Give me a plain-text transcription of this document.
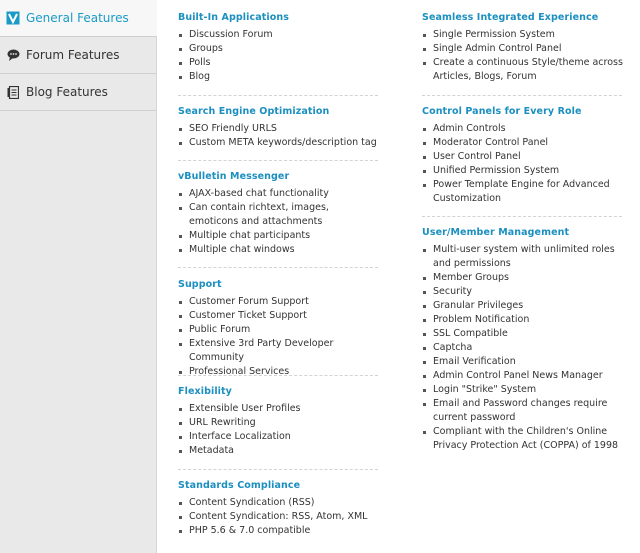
General Features
Forum Features
Blog Features
Built-In Applications
Discussion Forum
Groups
Polls
Blog
Search Engine Optimization
SEO Friendly URLS
Custom META keywords/description tag
vBulletin Messenger
AJAX-based chat functionality
Can contain richtext, images, emoticons and attachments
Multiple chat participants
Multiple chat windows
Support
Customer Forum Support
Customer Ticket Support
Public Forum
Extensive 3rd Party Developer Community
Professional Services
Flexibility
Extensible User Profiles
URL Rewriting
Interface Localization
Metadata
Standards Compliance
Content Syndication (RSS)
Content Syndication: RSS, Atom, XML
PHP 5.6 & 7.0 compatible
Seamless Integrated Experience
Single Permission System
Single Admin Control Panel
Create a continuous Style/theme across Articles, Blogs, Forum
Control Panels for Every Role
Admin Controls
Moderator Control Panel
User Control Panel
Unified Permission System
Power Template Engine for Advanced Customization
User/Member Management
Multi-user system with unlimited roles and permissions
Member Groups
Security
Granular Privileges
Problem Notification
SSL Compatible
Captcha
Email Verification
Admin Control Panel News Manager
Login "Strike" System
Email and Password changes require current password
Compliant with the Children's Online Privacy Protection Act (COPPA) of 1998
